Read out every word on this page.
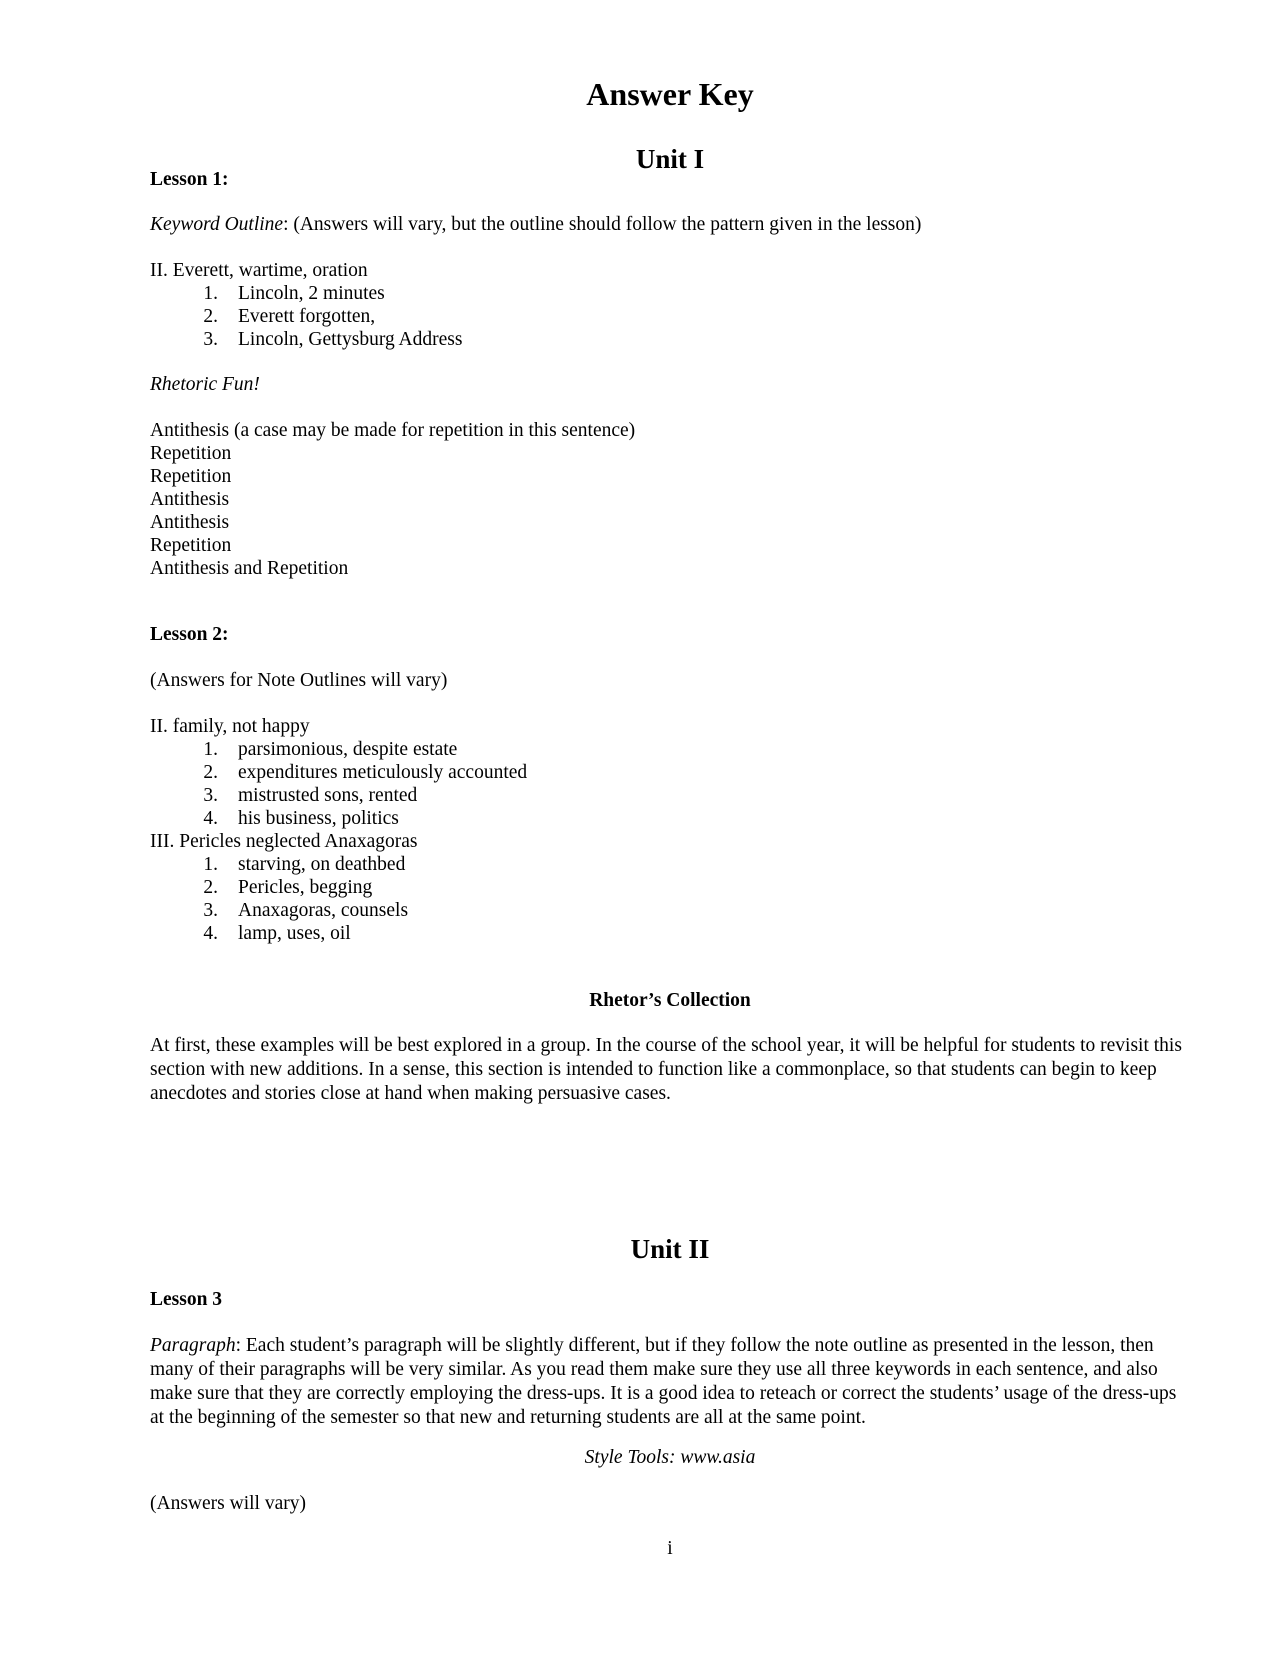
Answer Key
Unit I
Lesson 1:
Keyword Outline: (Answers will vary, but the outline should follow the pattern given in the lesson)
II. Everett, wartime, oration
1. Lincoln, 2 minutes
2. Everett forgotten,
3. Lincoln, Gettysburg Address
Rhetoric Fun!
Antithesis (a case may be made for repetition in this sentence)
Repetition
Repetition
Antithesis
Antithesis
Repetition
Antithesis and Repetition
Lesson 2:
(Answers for Note Outlines will vary)
II. family, not happy
1. parsimonious, despite estate
2. expenditures meticulously accounted
3. mistrusted sons, rented
4. his business, politics
III. Pericles neglected Anaxagoras
1. starving, on deathbed
2. Pericles, begging
3. Anaxagoras, counsels
4. lamp, uses, oil
Rhetor’s Collection
At first, these examples will be best explored in a group. In the course of the school year, it will be helpful for students to revisit this section with new additions. In a sense, this section is intended to function like a commonplace, so that students can begin to keep anecdotes and stories close at hand when making persuasive cases.
Unit II
Lesson 3
Paragraph: Each student’s paragraph will be slightly different, but if they follow the note outline as presented in the lesson, then many of their paragraphs will be very similar. As you read them make sure they use all three keywords in each sentence, and also make sure that they are correctly employing the dress-ups. It is a good idea to reteach or correct the students’ usage of the dress-ups at the beginning of the semester so that new and returning students are all at the same point.
Style Tools: www.asia
(Answers will vary)
i
